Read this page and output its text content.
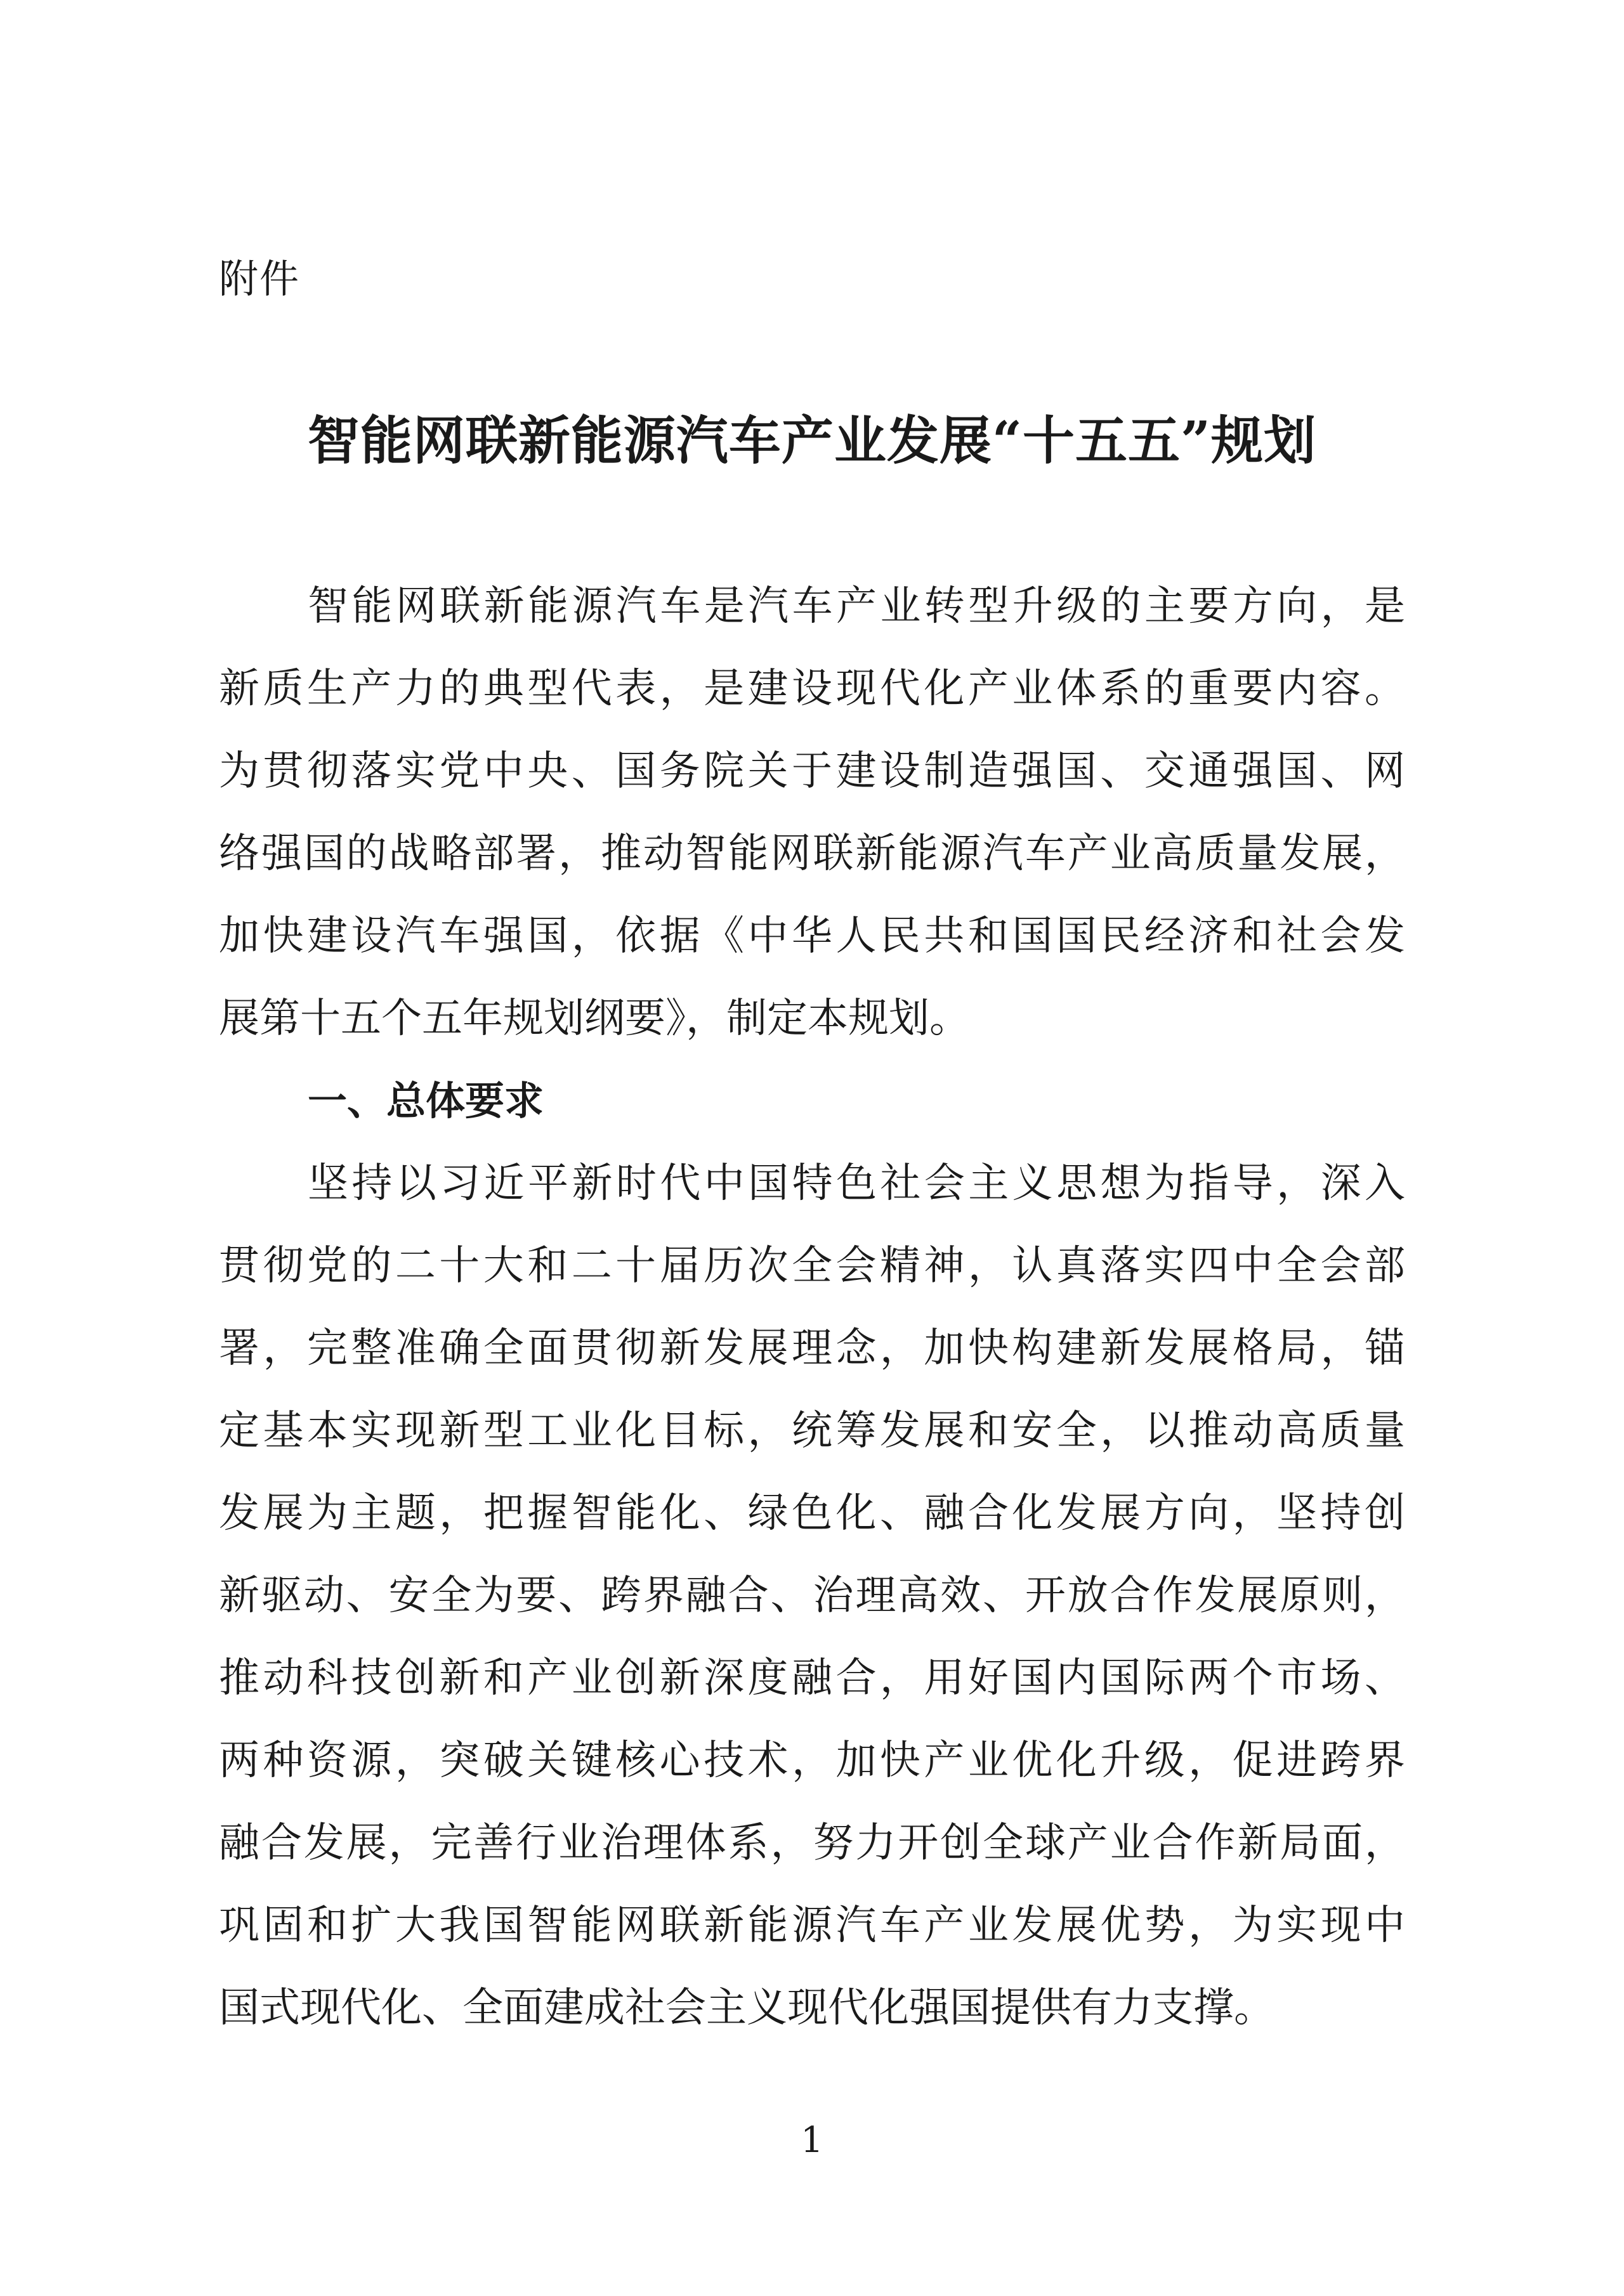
附件
智能网联新能源汽车产业发展“十五五”规划
智能网联新能源汽车是汽车产业转型升级的主要方向，是
新质生产力的典型代表，是建设现代化产业体系的重要内容。
为贯彻落实党中央、国务院关于建设制造强国、交通强国、网
络强国的战略部署，推动智能网联新能源汽车产业高质量发展，
加快建设汽车强国，依据《中华人民共和国国民经济和社会发
展第十五个五年规划纲要》，制定本规划。
一、总体要求
坚持以习近平新时代中国特色社会主义思想为指导，深入
贯彻党的二十大和二十届历次全会精神，认真落实四中全会部
署，完整准确全面贯彻新发展理念，加快构建新发展格局，锚
定基本实现新型工业化目标，统筹发展和安全，以推动高质量
发展为主题，把握智能化、绿色化、融合化发展方向，坚持创
新驱动、安全为要、跨界融合、治理高效、开放合作发展原则，
推动科技创新和产业创新深度融合，用好国内国际两个市场、
两种资源，突破关键核心技术，加快产业优化升级，促进跨界
融合发展，完善行业治理体系，努力开创全球产业合作新局面，
巩固和扩大我国智能网联新能源汽车产业发展优势，为实现中
国式现代化、全面建成社会主义现代化强国提供有力支撑。
1
